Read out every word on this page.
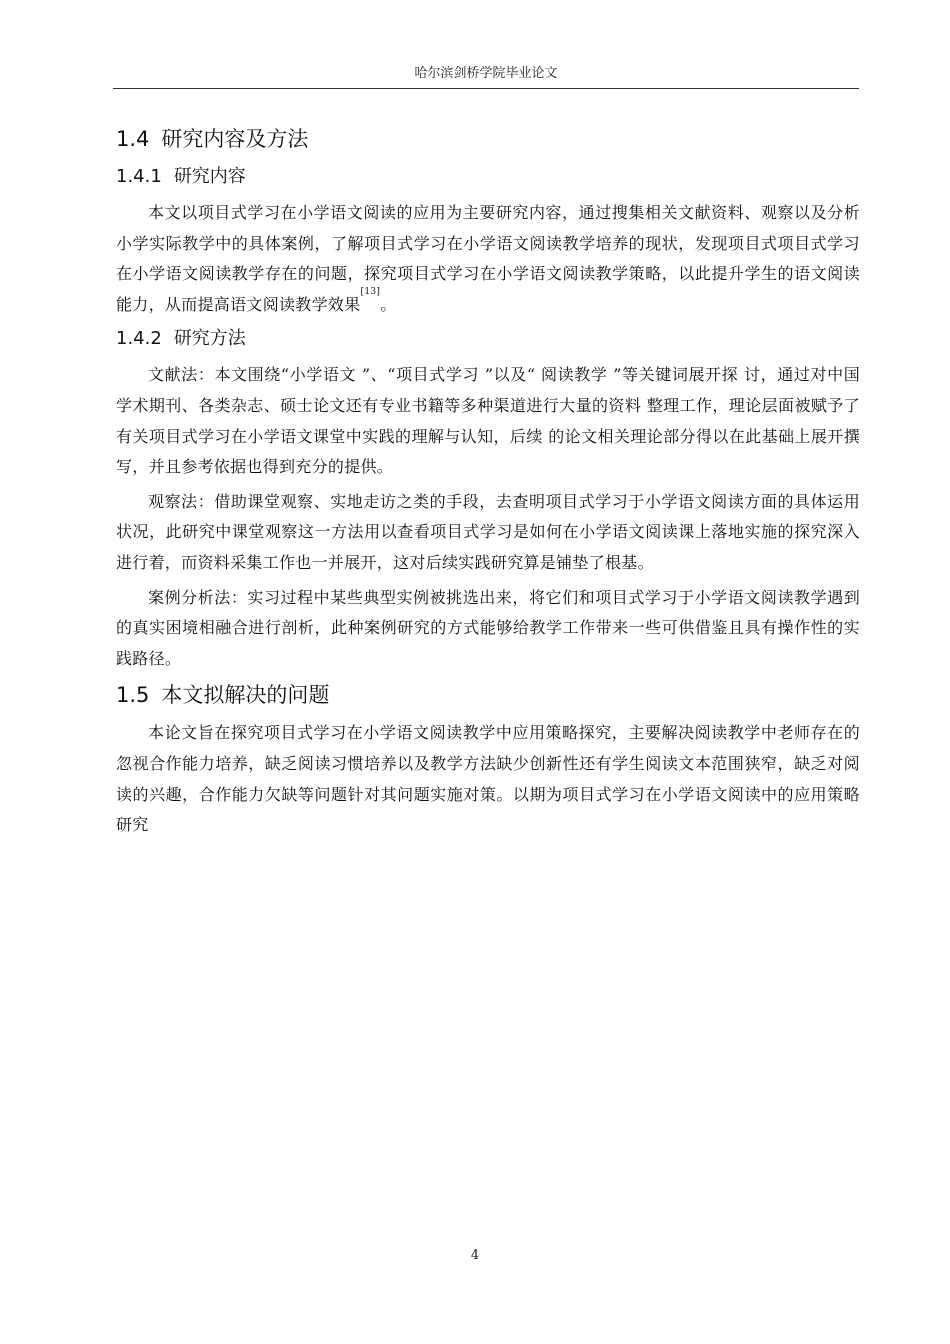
哈尔滨剑桥学院毕业论文
1.4 研究内容及方法
1.4.1 研究内容

本文以项目式学习在小学语文阅读的应用为主要研究内容，通过搜集相关文献资料、观察以及分析小学实际教学中的具体案例，了解项目式学习在小学语文阅读教学培养的现状，发现项目式项目式学习在小学语文阅读教学存在的问题，探究项目式学习在小学语文阅读教学策略，以此提升学生的语文阅读能力，从而提高语文阅读教学效果[13]。

1.4.2 研究方法

文献法：本文围绕“小学语文 ”、“项目式学习 ”以及“ 阅读教学 ”等关键词展开探 讨，通过对中国学术期刊、各类杂志、硕士论文还有专业书籍等多种渠道进行大量的资料 整理工作，理论层面被赋予了有关项目式学习在小学语文课堂中实践的理解与认知，后续 的论文相关理论部分得以在此基础上展开撰写，并且参考依据也得到充分的提供。

观察法：借助课堂观察、实地走访之类的手段，去查明项目式学习于小学语文阅读方面的具体运用状况，此研究中课堂观察这一方法用以查看项目式学习是如何在小学语文阅读课上落地实施的探究深入进行着，而资料采集工作也一并展开，这对后续实践研究算是铺垫了根基。

案例分析法：实习过程中某些典型实例被挑选出来，将它们和项目式学习于小学语文阅读教学遇到的真实困境相融合进行剖析，此种案例研究的方式能够给教学工作带来一些可供借鉴且具有操作性的实践路径。

1.5 本文拟解决的问题

本论文旨在探究项目式学习在小学语文阅读教学中应用策略探究，主要解决阅读教学中老师存在的忽视合作能力培养，缺乏阅读习惯培养以及教学方法缺少创新性还有学生阅读文本范围狭窄，缺乏对阅读的兴趣，合作能力欠缺等问题针对其问题实施对策。以期为项目式学习在小学语文阅读中的应用策略研究

4
